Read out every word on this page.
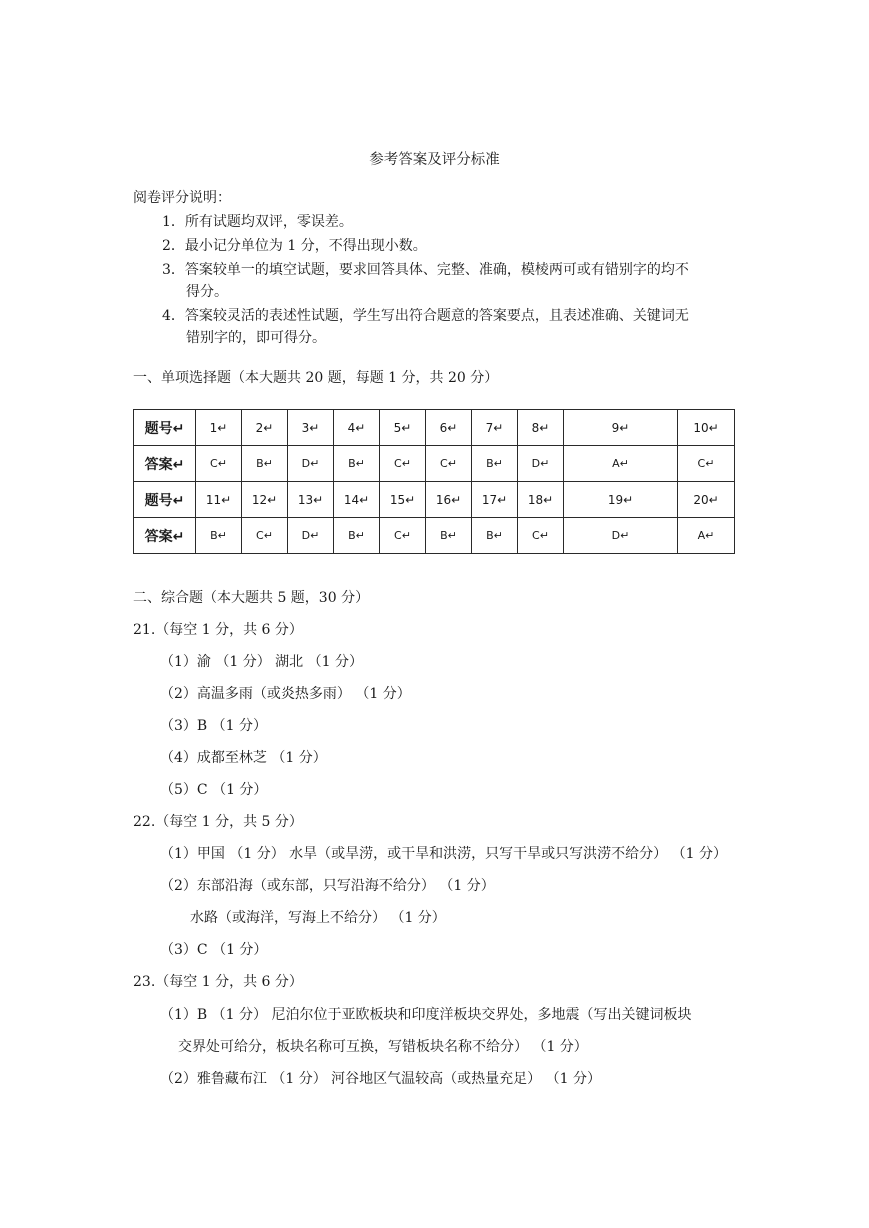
参考答案及评分标准
阅卷评分说明：
1．所有试题均双评，零误差。
2．最小记分单位为 1 分，不得出现小数。
3．答案较单一的填空试题，要求回答具体、完整、准确，模棱两可或有错别字的均不
得分。
4．答案较灵活的表述性试题，学生写出符合题意的答案要点，且表述准确、关键词无
错别字的，即可得分。
一、单项选择题（本大题共 20 题，每题 1 分，共 20 分）
题号↵	1↵	2↵	3↵	4↵	5↵	6↵	7↵	8↵	9↵	10↵
答案↵	C↵	B↵	D↵	B↵	C↵	C↵	B↵	D↵	A↵	C↵
题号↵	11↵	12↵	13↵	14↵	15↵	16↵	17↵	18↵	19↵	20↵
答案↵	B↵	C↵	D↵	B↵	C↵	B↵	B↵	C↵	D↵	A↵
二、综合题（本大题共 5 题，30 分）
21.（每空 1 分，共 6 分）
（1）渝 （1 分） 湖北 （1 分）
（2）高温多雨（或炎热多雨） （1 分）
（3）B （1 分）
（4）成都至林芝 （1 分）
（5）C （1 分）
22.（每空 1 分，共 5 分）
（1）甲国 （1 分） 水旱（或旱涝，或干旱和洪涝，只写干旱或只写洪涝不给分） （1 分）
（2）东部沿海（或东部，只写沿海不给分） （1 分）
水路（或海洋，写海上不给分） （1 分）
（3）C （1 分）
23.（每空 1 分，共 6 分）
（1）B （1 分） 尼泊尔位于亚欧板块和印度洋板块交界处，多地震（写出关键词板块
交界处可给分，板块名称可互换，写错板块名称不给分） （1 分）
（2）雅鲁藏布江 （1 分） 河谷地区气温较高（或热量充足） （1 分）
